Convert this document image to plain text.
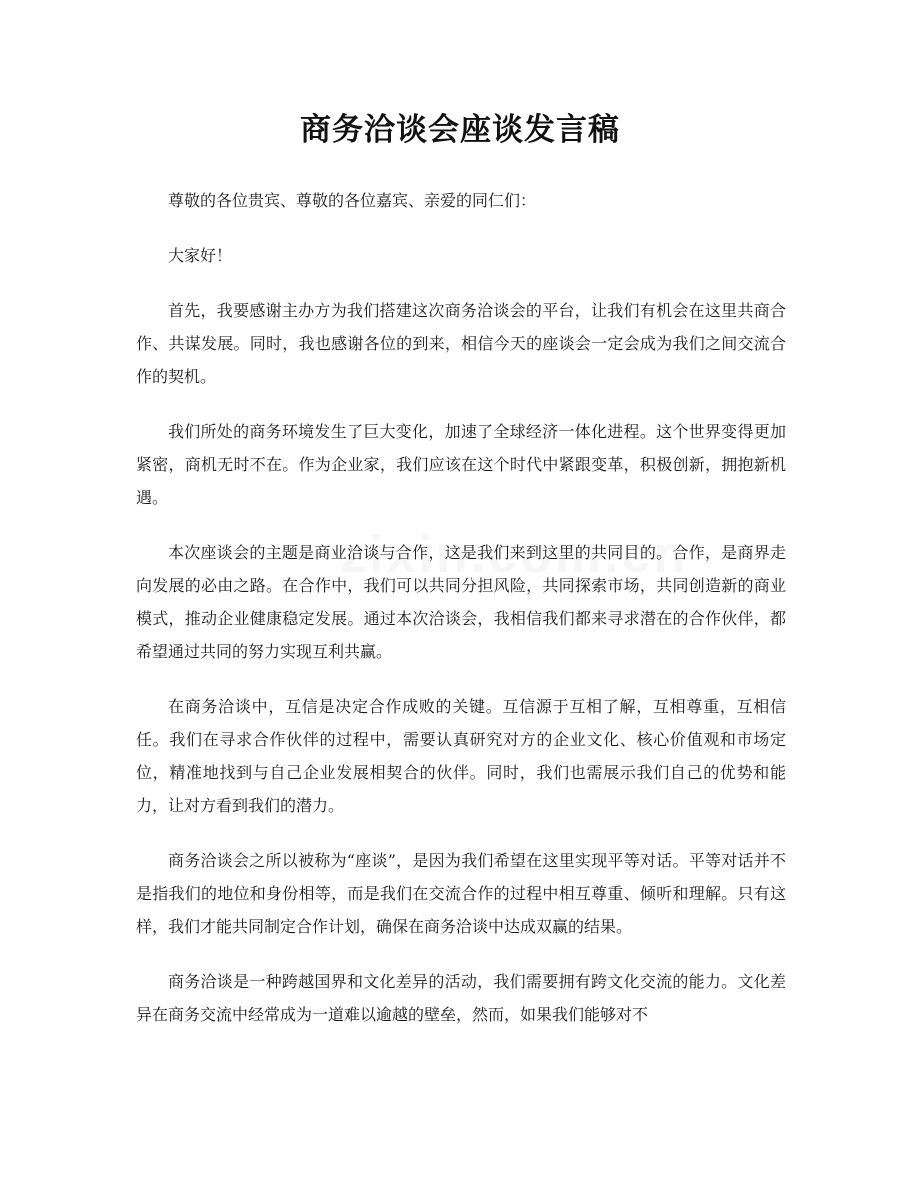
商务洽谈会座谈发言稿

尊敬的各位贵宾、尊敬的各位嘉宾、亲爱的同仁们：

大家好！

首先，我要感谢主办方为我们搭建这次商务洽谈会的平台，让我们有机会在这里共商合作、共谋发展。同时，我也感谢各位的到来，相信今天的座谈会一定会成为我们之间交流合作的契机。

我们所处的商务环境发生了巨大变化，加速了全球经济一体化进程。这个世界变得更加紧密，商机无时不在。作为企业家，我们应该在这个时代中紧跟变革，积极创新，拥抱新机遇。

本次座谈会的主题是商业洽谈与合作，这是我们来到这里的共同目的。合作，是商界走向发展的必由之路。在合作中，我们可以共同分担风险，共同探索市场，共同创造新的商业模式，推动企业健康稳定发展。通过本次洽谈会，我相信我们都来寻求潜在的合作伙伴，都希望通过共同的努力实现互利共赢。

在商务洽谈中，互信是决定合作成败的关键。互信源于互相了解，互相尊重，互相信任。我们在寻求合作伙伴的过程中，需要认真研究对方的企业文化、核心价值观和市场定位，精准地找到与自己企业发展相契合的伙伴。同时，我们也需展示我们自己的优势和能力，让对方看到我们的潜力。

商务洽谈会之所以被称为“座谈”，是因为我们希望在这里实现平等对话。平等对话并不是指我们的地位和身份相等，而是我们在交流合作的过程中相互尊重、倾听和理解。只有这样，我们才能共同制定合作计划，确保在商务洽谈中达成双赢的结果。

商务洽谈是一种跨越国界和文化差异的活动，我们需要拥有跨文化交流的能力。文化差异在商务交流中经常成为一道难以逾越的壁垒，然而，如果我们能够对不
